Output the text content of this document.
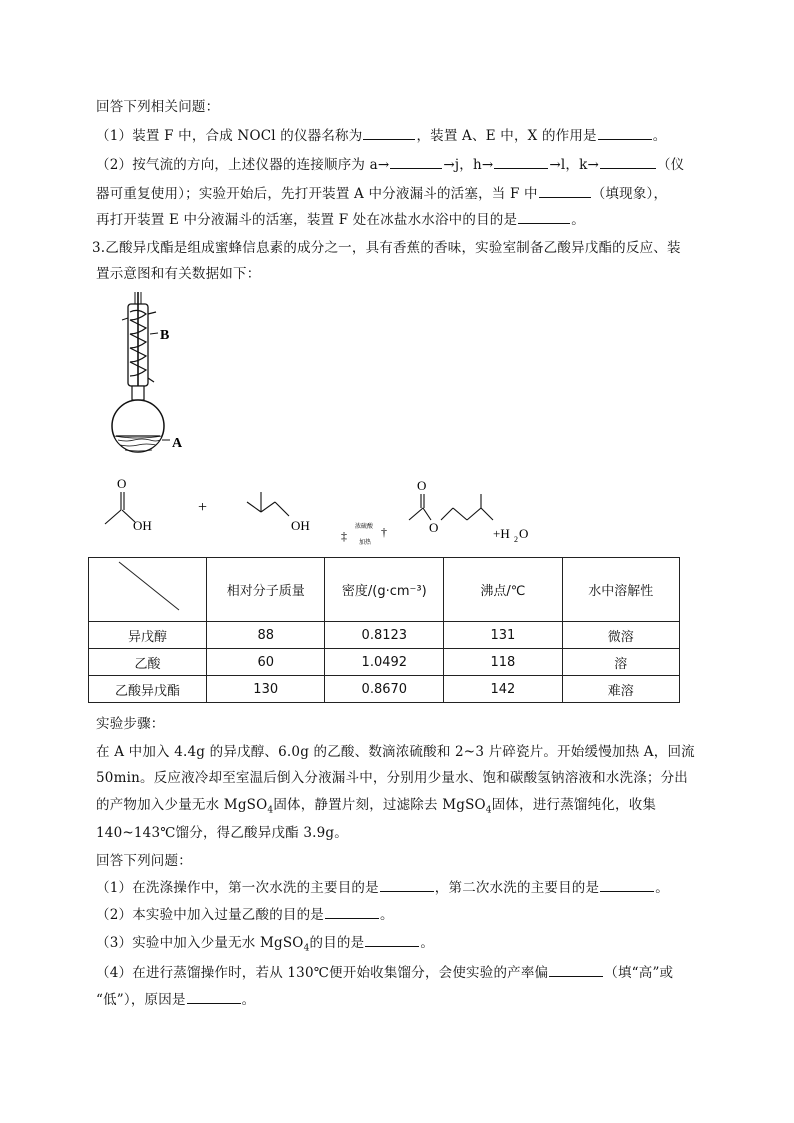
回答下列相关问题：
（1）装置 F 中，合成 NOCl 的仪器名称为	，装置 A、E 中，X 的作用是	。
（2）按气流的方向，上述仪器的连接顺序为 a→	→j，h→	→l，k→	（仪
器可重复使用）；实验开始后，先打开装置 A 中分液漏斗的活塞，当 F 中	（填现象），
再打开装置 E 中分液漏斗的活塞，装置 F 处在冰盐水水浴中的目的是	。
3.乙酸异戊酯是组成蜜蜂信息素的成分之一，具有香蕉的香味，实验室制备乙酸异戊酯的反应、装
置示意图和有关数据如下：
B
A
O
OH
+
OH
‡
浓硫酸
加热
†
O
O	+H 2 O
	相对分子质量	密度/(g·cm⁻³)	沸点/℃	水中溶解性
异戊醇	88	0.8123	131	微溶
乙酸	60	1.0492	118	溶
乙酸异戊酯	130	0.8670	142	难溶
实验步骤：
在 A 中加入 4.4g 的异戊醇、6.0g 的乙酸、数滴浓硫酸和 2~3 片碎瓷片。开始缓慢加热 A，回流
50min。反应液冷却至室温后倒入分液漏斗中，分别用少量水、饱和碳酸氢钠溶液和水洗涤；分出
的产物加入少量无水 MgSO$_4$固体，静置片刻，过滤除去 MgSO$_4$固体，进行蒸馏纯化，收集
140~143℃馏分，得乙酸异戊酯 3.9g。
回答下列问题：
（1）在洗涤操作中，第一次水洗的主要目的是	，第二次水洗的主要目的是	。
（2）本实验中加入过量乙酸的目的是	。
（3）实验中加入少量无水 MgSO$_4$的目的是	。
（4）在进行蒸馏操作时，若从 130℃便开始收集馏分，会使实验的产率偏	（填“高”或
“低”），原因是	。
